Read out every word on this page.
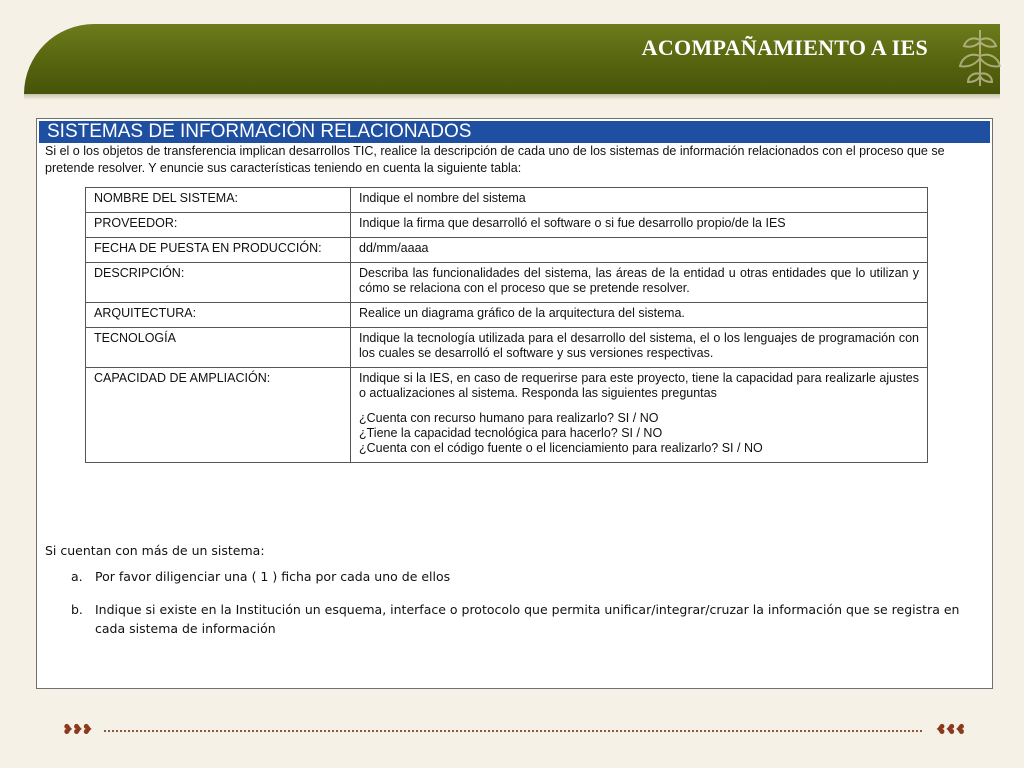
ACOMPAÑAMIENTO A IES
SISTEMAS DE INFORMACIÓN RELACIONADOS
Si el o los objetos de transferencia implican desarrollos TIC, realice la descripción de cada uno de los sistemas de información relacionados con el proceso que se pretende resolver. Y enuncie sus características teniendo en cuenta la siguiente tabla:
NOMBRE DEL SISTEMA:	Indique el nombre del sistema
PROVEEDOR:	Indique la firma que desarrolló el software o si fue desarrollo propio/de la IES
FECHA DE PUESTA EN PRODUCCIÓN:	dd/mm/aaaa
DESCRIPCIÓN:	Describa las funcionalidades del sistema, las áreas de la entidad u otras entidades que lo utilizan y cómo se relaciona con el proceso que se pretende resolver.
ARQUITECTURA:	Realice un diagrama gráfico de la arquitectura del sistema.
TECNOLOGÍA	Indique la tecnología utilizada para el desarrollo del sistema, el o los lenguajes de programación con los cuales se desarrolló el software y sus versiones respectivas.
CAPACIDAD DE AMPLIACIÓN:	Indique si la IES, en caso de requerirse para este proyecto, tiene la capacidad para realizarle ajustes o actualizaciones al sistema. Responda las siguientes preguntas

¿Cuenta con recurso humano para realizarlo? SI / NO

¿Tiene la capacidad tecnológica para hacerlo? SI / NO

¿Cuenta con el código fuente o el licenciamiento para realizarlo? SI / NO

Si cuentan con más de un sistema:
a. Por favor diligenciar una ( 1 ) ficha por cada uno de ellos
b. Indique si existe en la Institución un esquema, interface o protocolo que permita unificar/integrar/cruzar la información que se registra en cada sistema de información
❥❥❥	❥❥❥
